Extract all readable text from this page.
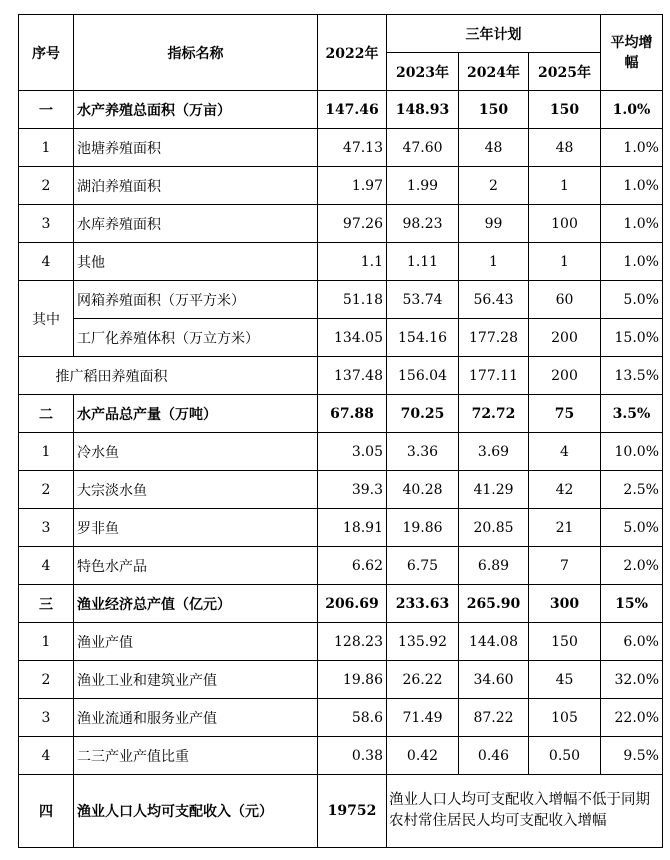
序号	指标名称	2022年	三年计划			平均增幅
			2023年	2024年	2025年	
一	水产养殖总面积（万亩）	147.46	148.93	150	150	1.0%
1	池塘养殖面积	47.13	47.60	48	48	1.0%
2	湖泊养殖面积	1.97	1.99	2	1	1.0%
3	水库养殖面积	97.26	98.23	99	100	1.0%
4	其他	1.1	1.11	1	1	1.0%
其中	网箱养殖面积（万平方米）	51.18	53.74	56.43	60	5.0%
	工厂化养殖体积（万立方米）	134.05	154.16	177.28	200	15.0%

	推广稻田养殖面积	137.48	156.04	177.11	200	13.5%
二	水产品总产量（万吨）	67.88	70.25	72.72	75	3.5%
1	冷水鱼	3.05	3.36	3.69	4	10.0%
2	大宗淡水鱼	39.3	40.28	41.29	42	2.5%
3	罗非鱼	18.91	19.86	20.85	21	5.0%
4	特色水产品	6.62	6.75	6.89	7	2.0%
三	渔业经济总产值（亿元）	206.69	233.63	265.90	300	15%
1	渔业产值	128.23	135.92	144.08	150	6.0%
2	渔业工业和建筑业产值	19.86	26.22	34.60	45	32.0%
3	渔业流通和服务业产值	58.6	71.49	87.22	105	22.0%
4	二三产业产值比重	0.38	0.42	0.46	0.50	9.5%
四	渔业人口人均可支配收入（元）	19752	渔业人口人均可支配收入增幅不低于同期农村常住居民人均可支配收入增幅			
